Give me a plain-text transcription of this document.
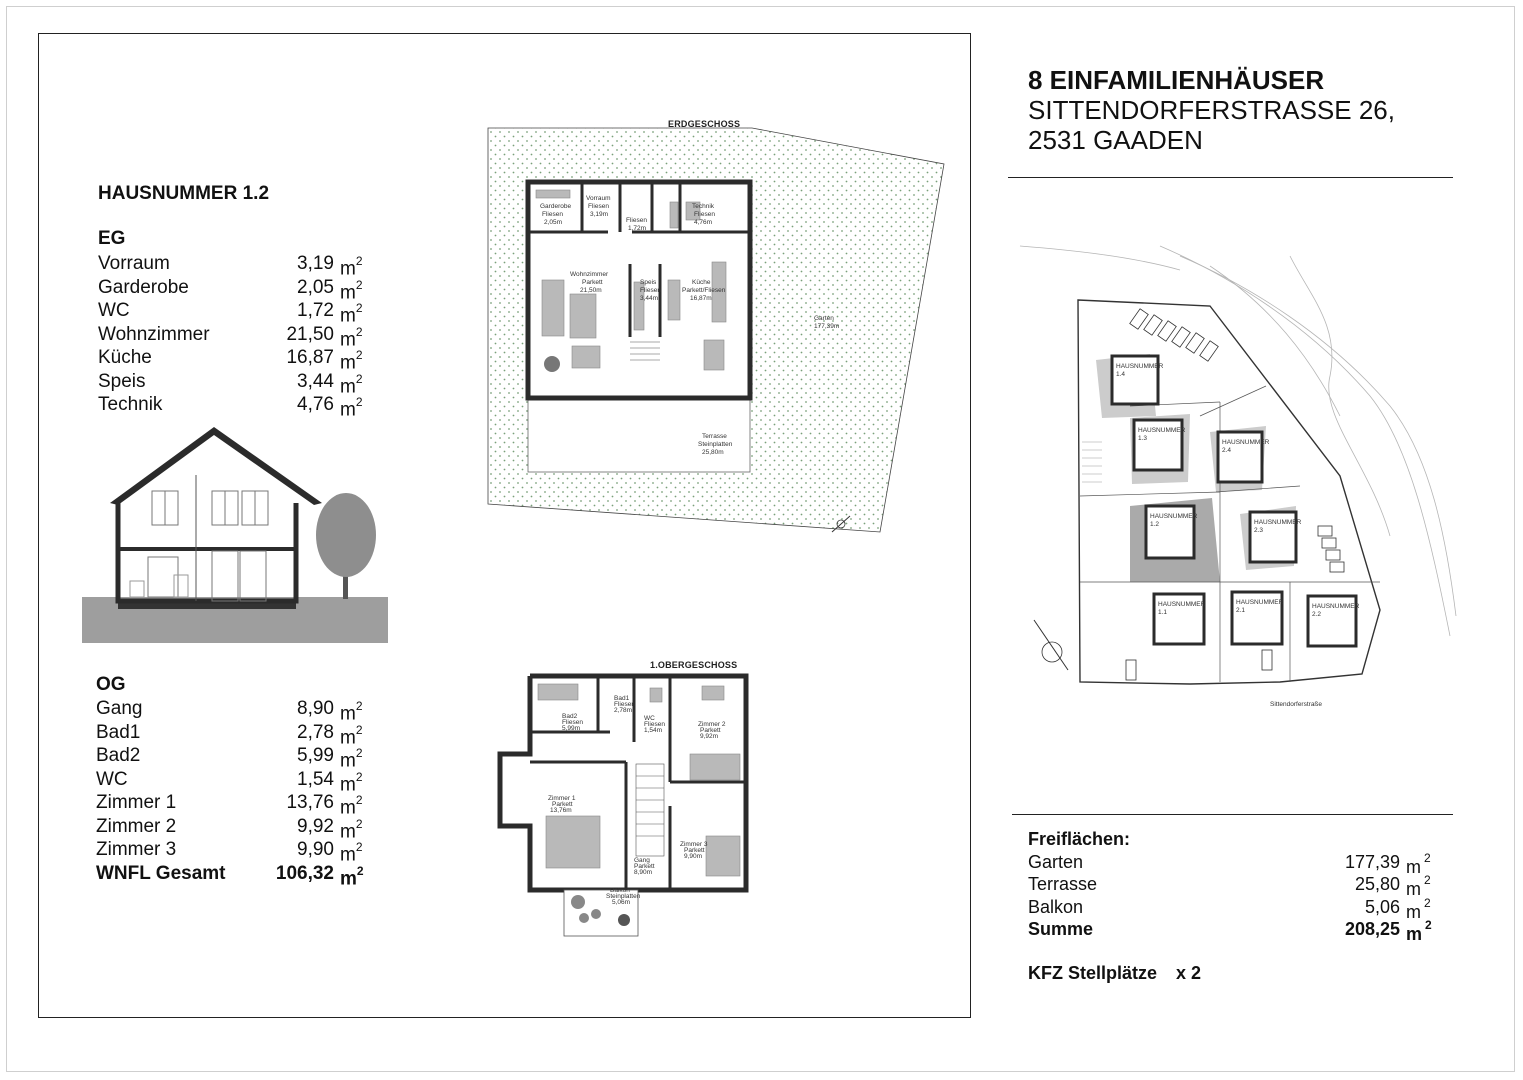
HAUSNUMMER 1.2
EG
Vorraum	3,19 $m^2$
Garderobe	2,05 $m^2$
WC	1,72 $m^2$
Wohnzimmer	21,50 $m^2$
Küche	16,87 $m^2$
Speis	3,44 $m^2$
Technik	4,76 $m^2$
OG
Gang	8,90 $m^2$
Bad1	2,78 $m^2$
Bad2	5,99 $m^2$
WC	1,54 $m^2$
Zimmer 1	13,76 $m^2$
Zimmer 2	9,92 $m^2$
Zimmer 3	9,90 $m^2$
WNFL Gesamt	106,32 $m^2$
ERDGESCHOSS
Garderobe
Fliesen
2,05m
Vorraum
Fliesen
3,19m
Fliesen
1,72m
Technik
Fliesen
4,76m
Wohnzimmer
Parkett
21,50m
Speis
Fliesen
3,44m
Küche
Parkett/Fliesen
16,87m
Garten
177,39m
Terrasse
Steinplatten
25,80m
1.OBERGESCHOSS
Bad2
Fliesen
5,99m
Bad1
Fliesen
2,78m
WC
Fliesen
1,54m
Zimmer 2
Parkett
9,92m
Zimmer 1
Parkett
13,76m
Zimmer 3
Parkett
9,90m
Gang
Parkett
8,90m
Balkon
Steinplatten
5,06m
8 EINFAMILIENHÄUSER
SITTENDORFERSTRASSE 26,
2531 GAADEN
HAUSNUMMER
1.4
HAUSNUMMER
1.3
HAUSNUMMER
2.4
HAUSNUMMER
1.2	HAUSNUMMER
2.3
HAUSNUMMER
1.1
HAUSNUMMER
2.1
HAUSNUMMER
2.2
Sittendorferstraße
Freiflächen:
Garten	177,39 m $^2$
Terrasse	25,80 m $^2$
Balkon	5,06 m $^2$
Summe	208,25 m $^2$
KFZ Stellplätze x 2
